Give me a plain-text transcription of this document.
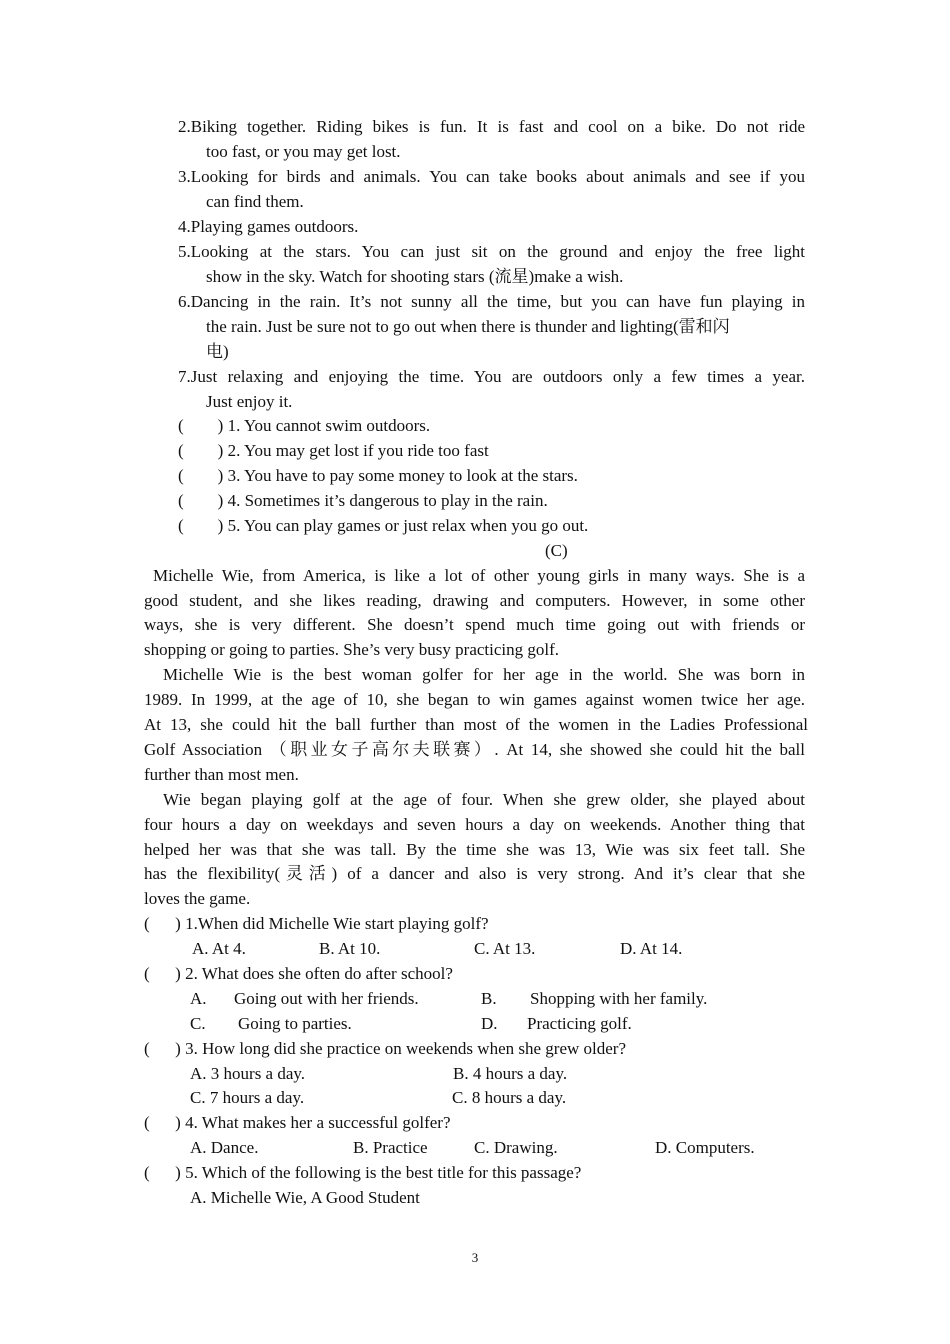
2.Biking together. Riding bikes is fun. It is fast and cool on a bike. Do not ride
too fast, or you may get lost.
3.Looking for birds and animals. You can take books about animals and see if you
can find them.
4.Playing games outdoors.
5.Looking at the stars. You can just sit on the ground and enjoy the free light
show in the sky. Watch for shooting stars (流星)make a wish.
6.Dancing in the rain. It’s not sunny all the time, but you can have fun playing in
the rain. Just be sure not to go out when there is thunder and lighting(雷和闪
电)
7.Just relaxing and enjoying the time. You are outdoors only a few times a year.
Just enjoy it.
(        ) 1. You cannot swim outdoors.
(        ) 2. You may get lost if you ride too fast
(        ) 3. You have to pay some money to look at the stars.
(        ) 4. Sometimes it’s dangerous to play in the rain.
(        ) 5. You can play games or just relax when you go out.
(C)
Michelle Wie, from America, is like a lot of other young girls in many ways. She is a
good student, and she likes reading, drawing and computers. However, in some other
ways, she is very different. She doesn’t spend much time going out with friends or
shopping or going to parties. She’s very busy practicing golf.
Michelle Wie is the best woman golfer for her age in the world. She was born in
1989. In 1999, at the age of 10, she began to win games against women twice her age.
At 13, she could hit the ball further than most of the women in the Ladies Professional
Golf Association （职业女子高尔夫联赛）. At 14, she showed she could hit the ball
further than most men.
Wie began playing golf at the age of four. When she grew older, she played about
four hours a day on weekdays and seven hours a day on weekends. Another thing that
helped her was that she was tall. By the time she was 13, Wie was six feet tall. She
has the flexibility(灵活) of a dancer and also is very strong. And it’s clear that she
loves the game.
(      ) 1.When did Michelle Wie start playing golf?
A. At 4.	B. At 10.	C. At 13.	D. At 14.
(      ) 2. What does she often do after school?
A. Going out with her friends.	B. Shopping with her family.
C. Going to parties.	D. Practicing golf.
(      ) 3. How long did she practice on weekends when she grew older?
A. 3 hours a day.	B. 4 hours a day.
C. 7 hours a day.	C. 8 hours a day.
(      ) 4. What makes her a successful golfer?
A. Dance.	B. Practice	C. Drawing.	D. Computers.
(      ) 5. Which of the following is the best title for this passage?
A. Michelle Wie, A Good Student
3
